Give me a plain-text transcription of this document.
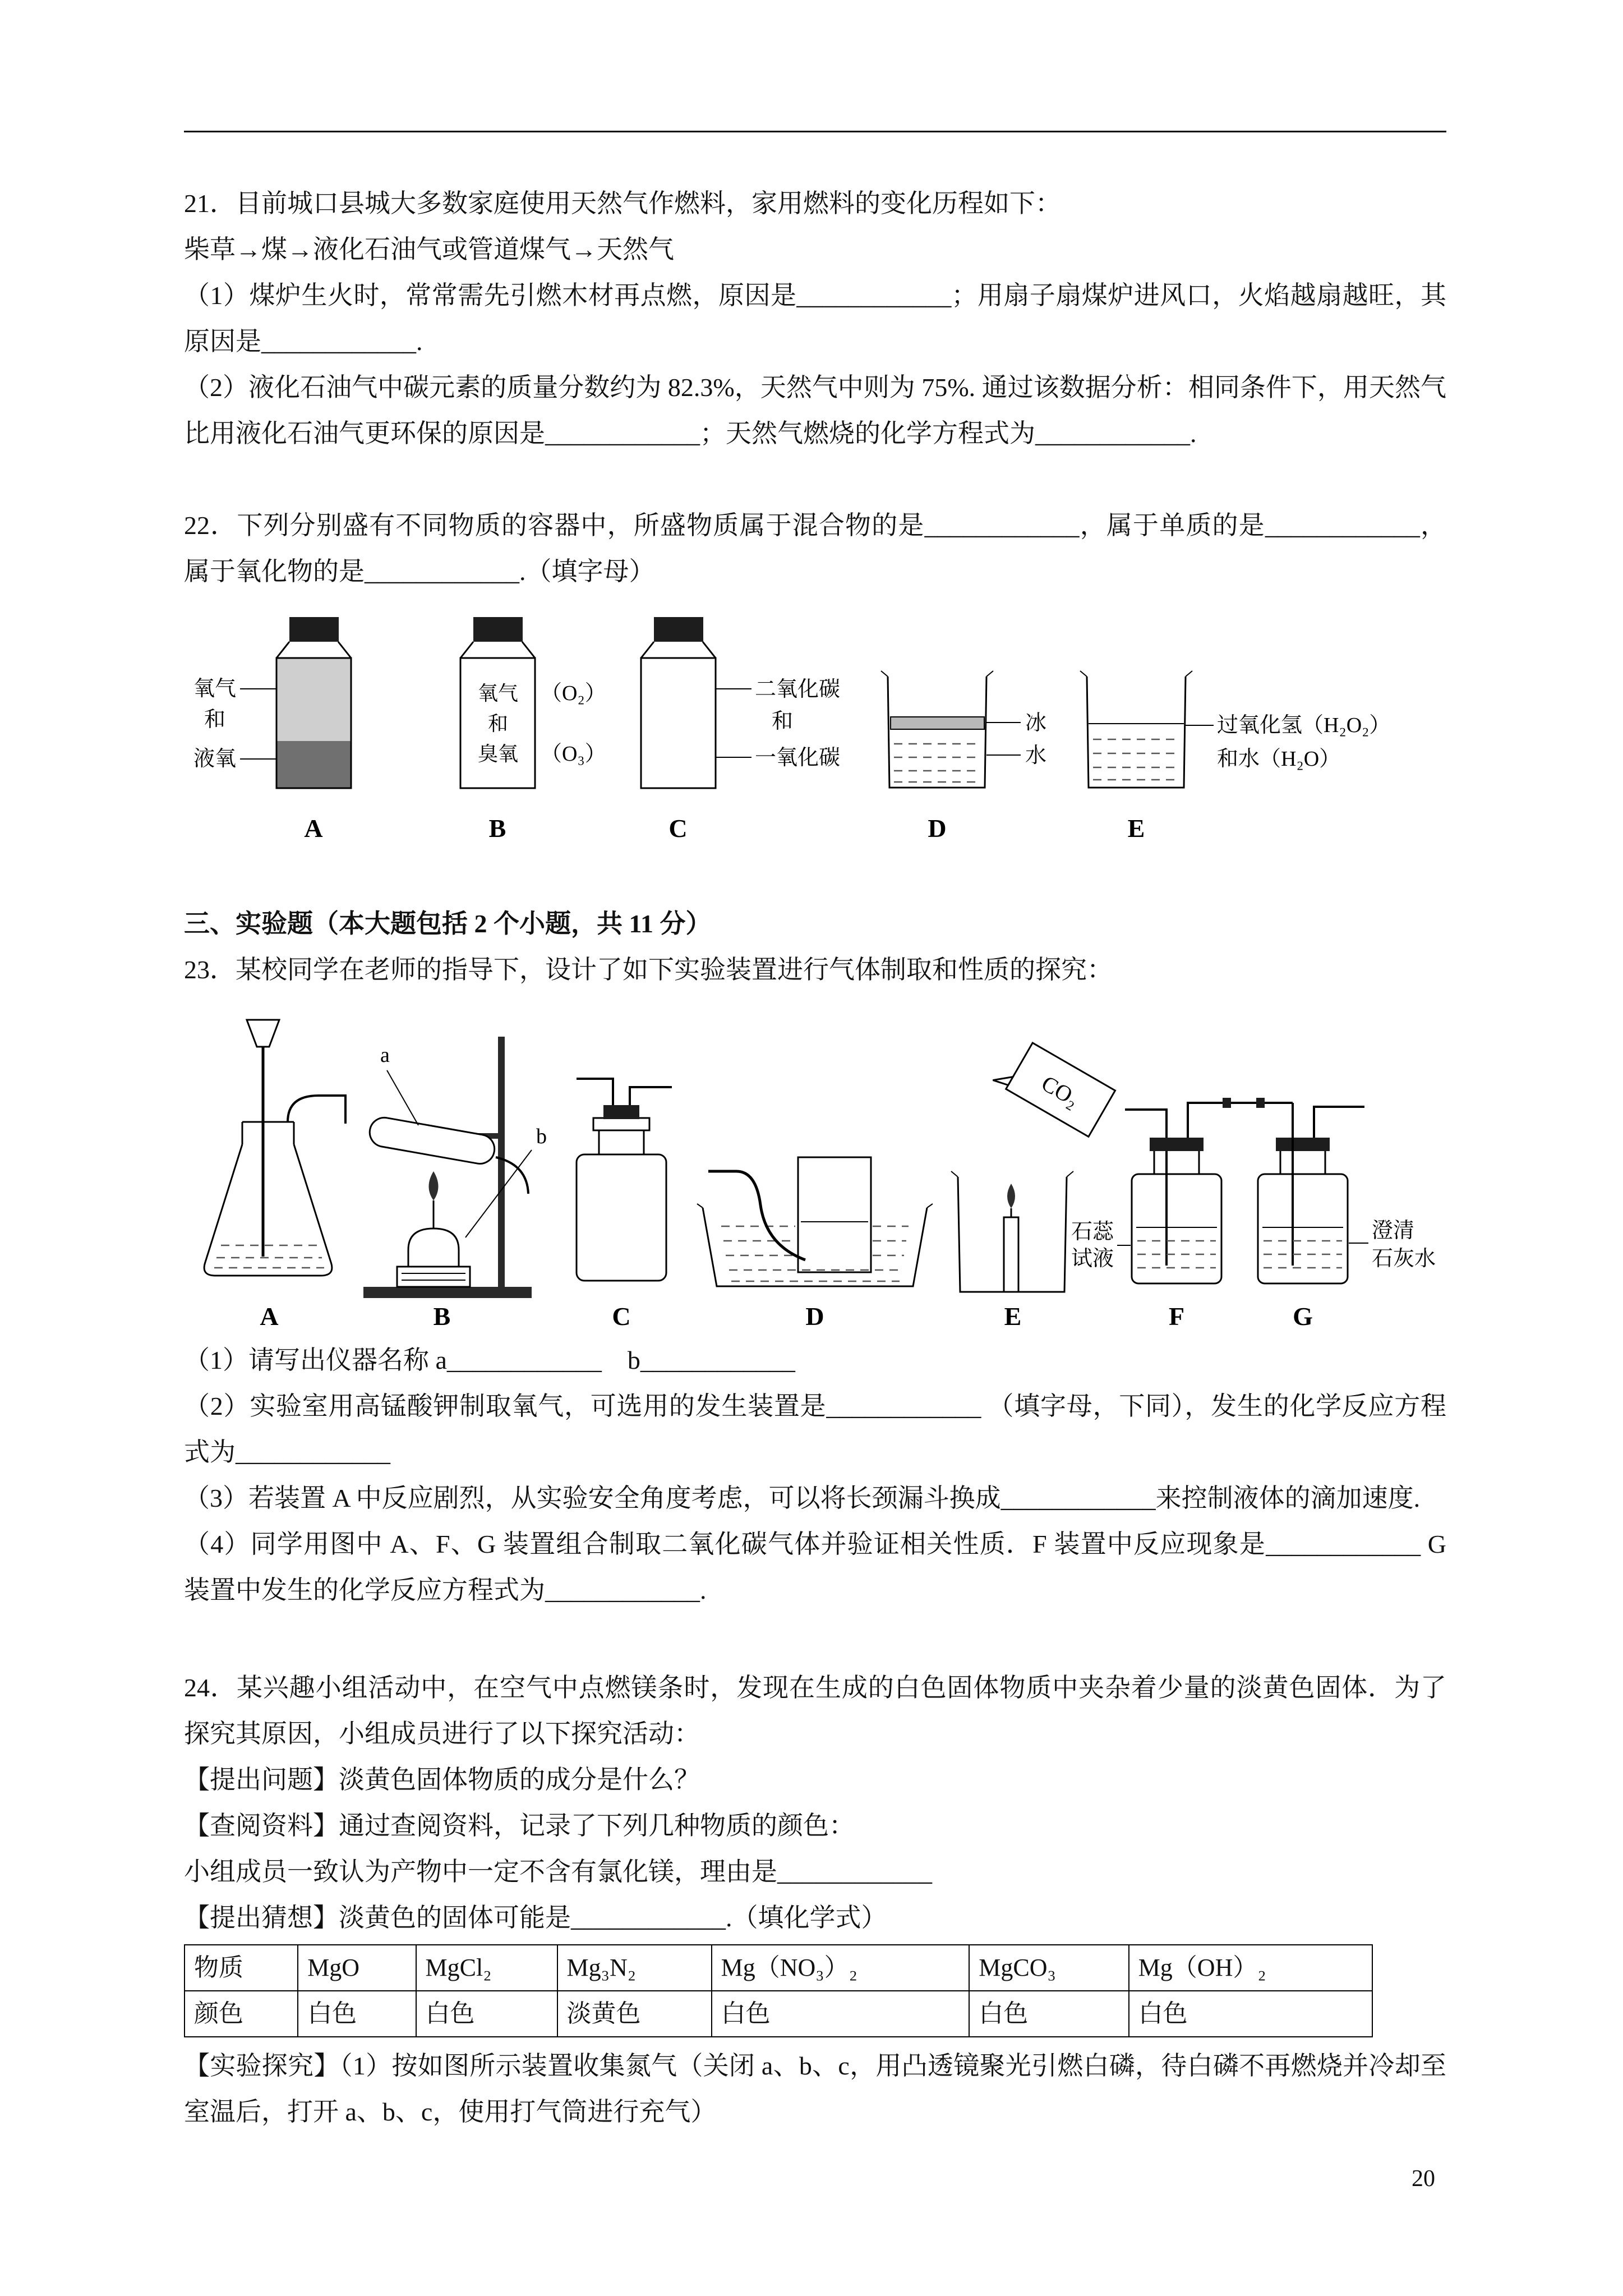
21．目前城口县城大多数家庭使用天然气作燃料，家用燃料的变化历程如下：

柴草→煤→液化石油气或管道煤气→天然气

（1）煤炉生火时，常常需先引燃木材再点燃，原因是____________；用扇子扇煤炉进风口，火焰越扇越旺，其原因是____________.

（2）液化石油气中碳元素的质量分数约为 82.3%，天然气中则为 75%. 通过该数据分析：相同条件下，用天然气比用液化石油气更环保的原因是____________；天然气燃烧的化学方程式为____________.

22．下列分别盛有不同物质的容器中，所盛物质属于混合物的是____________，属于单质的是____________，属于氧化物的是____________.（填字母）

氧气
和
液氧
A
氧气
和
臭氧
（O₂）
（O₃）
B
二氧化碳
和
一氧化碳
C
冰
水
D
过氧化氢（H₂O₂）
和水（H₂O）
E

三、实验题（本大题包括 2 个小题，共 11 分）

23．某校同学在老师的指导下，设计了如下实验装置进行气体制取和性质的探究：

A
a
b
B	C	D
CO₂
E
石蕊
试液
F
澄清
石灰水
G

（1）请写出仪器名称 a____________　b____________

（2）实验室用高锰酸钾制取氧气，可选用的发生装置是____________ （填字母，下同），发生的化学反应方程式为____________

（3）若装置 A 中反应剧烈，从实验安全角度考虑，可以将长颈漏斗换成____________来控制液体的滴加速度.

（4）同学用图中 A、F、G 装置组合制取二氧化碳气体并验证相关性质．F 装置中反应现象是____________ G 装置中发生的化学反应方程式为____________.

24．某兴趣小组活动中，在空气中点燃镁条时，发现在生成的白色固体物质中夹杂着少量的淡黄色固体．为了探究其原因，小组成员进行了以下探究活动：

【提出问题】淡黄色固体物质的成分是什么？

【查阅资料】通过查阅资料，记录了下列几种物质的颜色：

小组成员一致认为产物中一定不含有氯化镁，理由是____________

【提出猜想】淡黄色的固体可能是____________.（填化学式）

物质	MgO	MgCl₂	Mg₃N₂	Mg（NO₃）₂	MgCO₃	Mg（OH）₂
颜色	白色	白色	淡黄色	白色	白色	白色

【实验探究】（1）按如图所示装置收集氮气（关闭 a、b、c，用凸透镜聚光引燃白磷，待白磷不再燃烧并冷却至室温后，打开 a、b、c，使用打气筒进行充气）

20
